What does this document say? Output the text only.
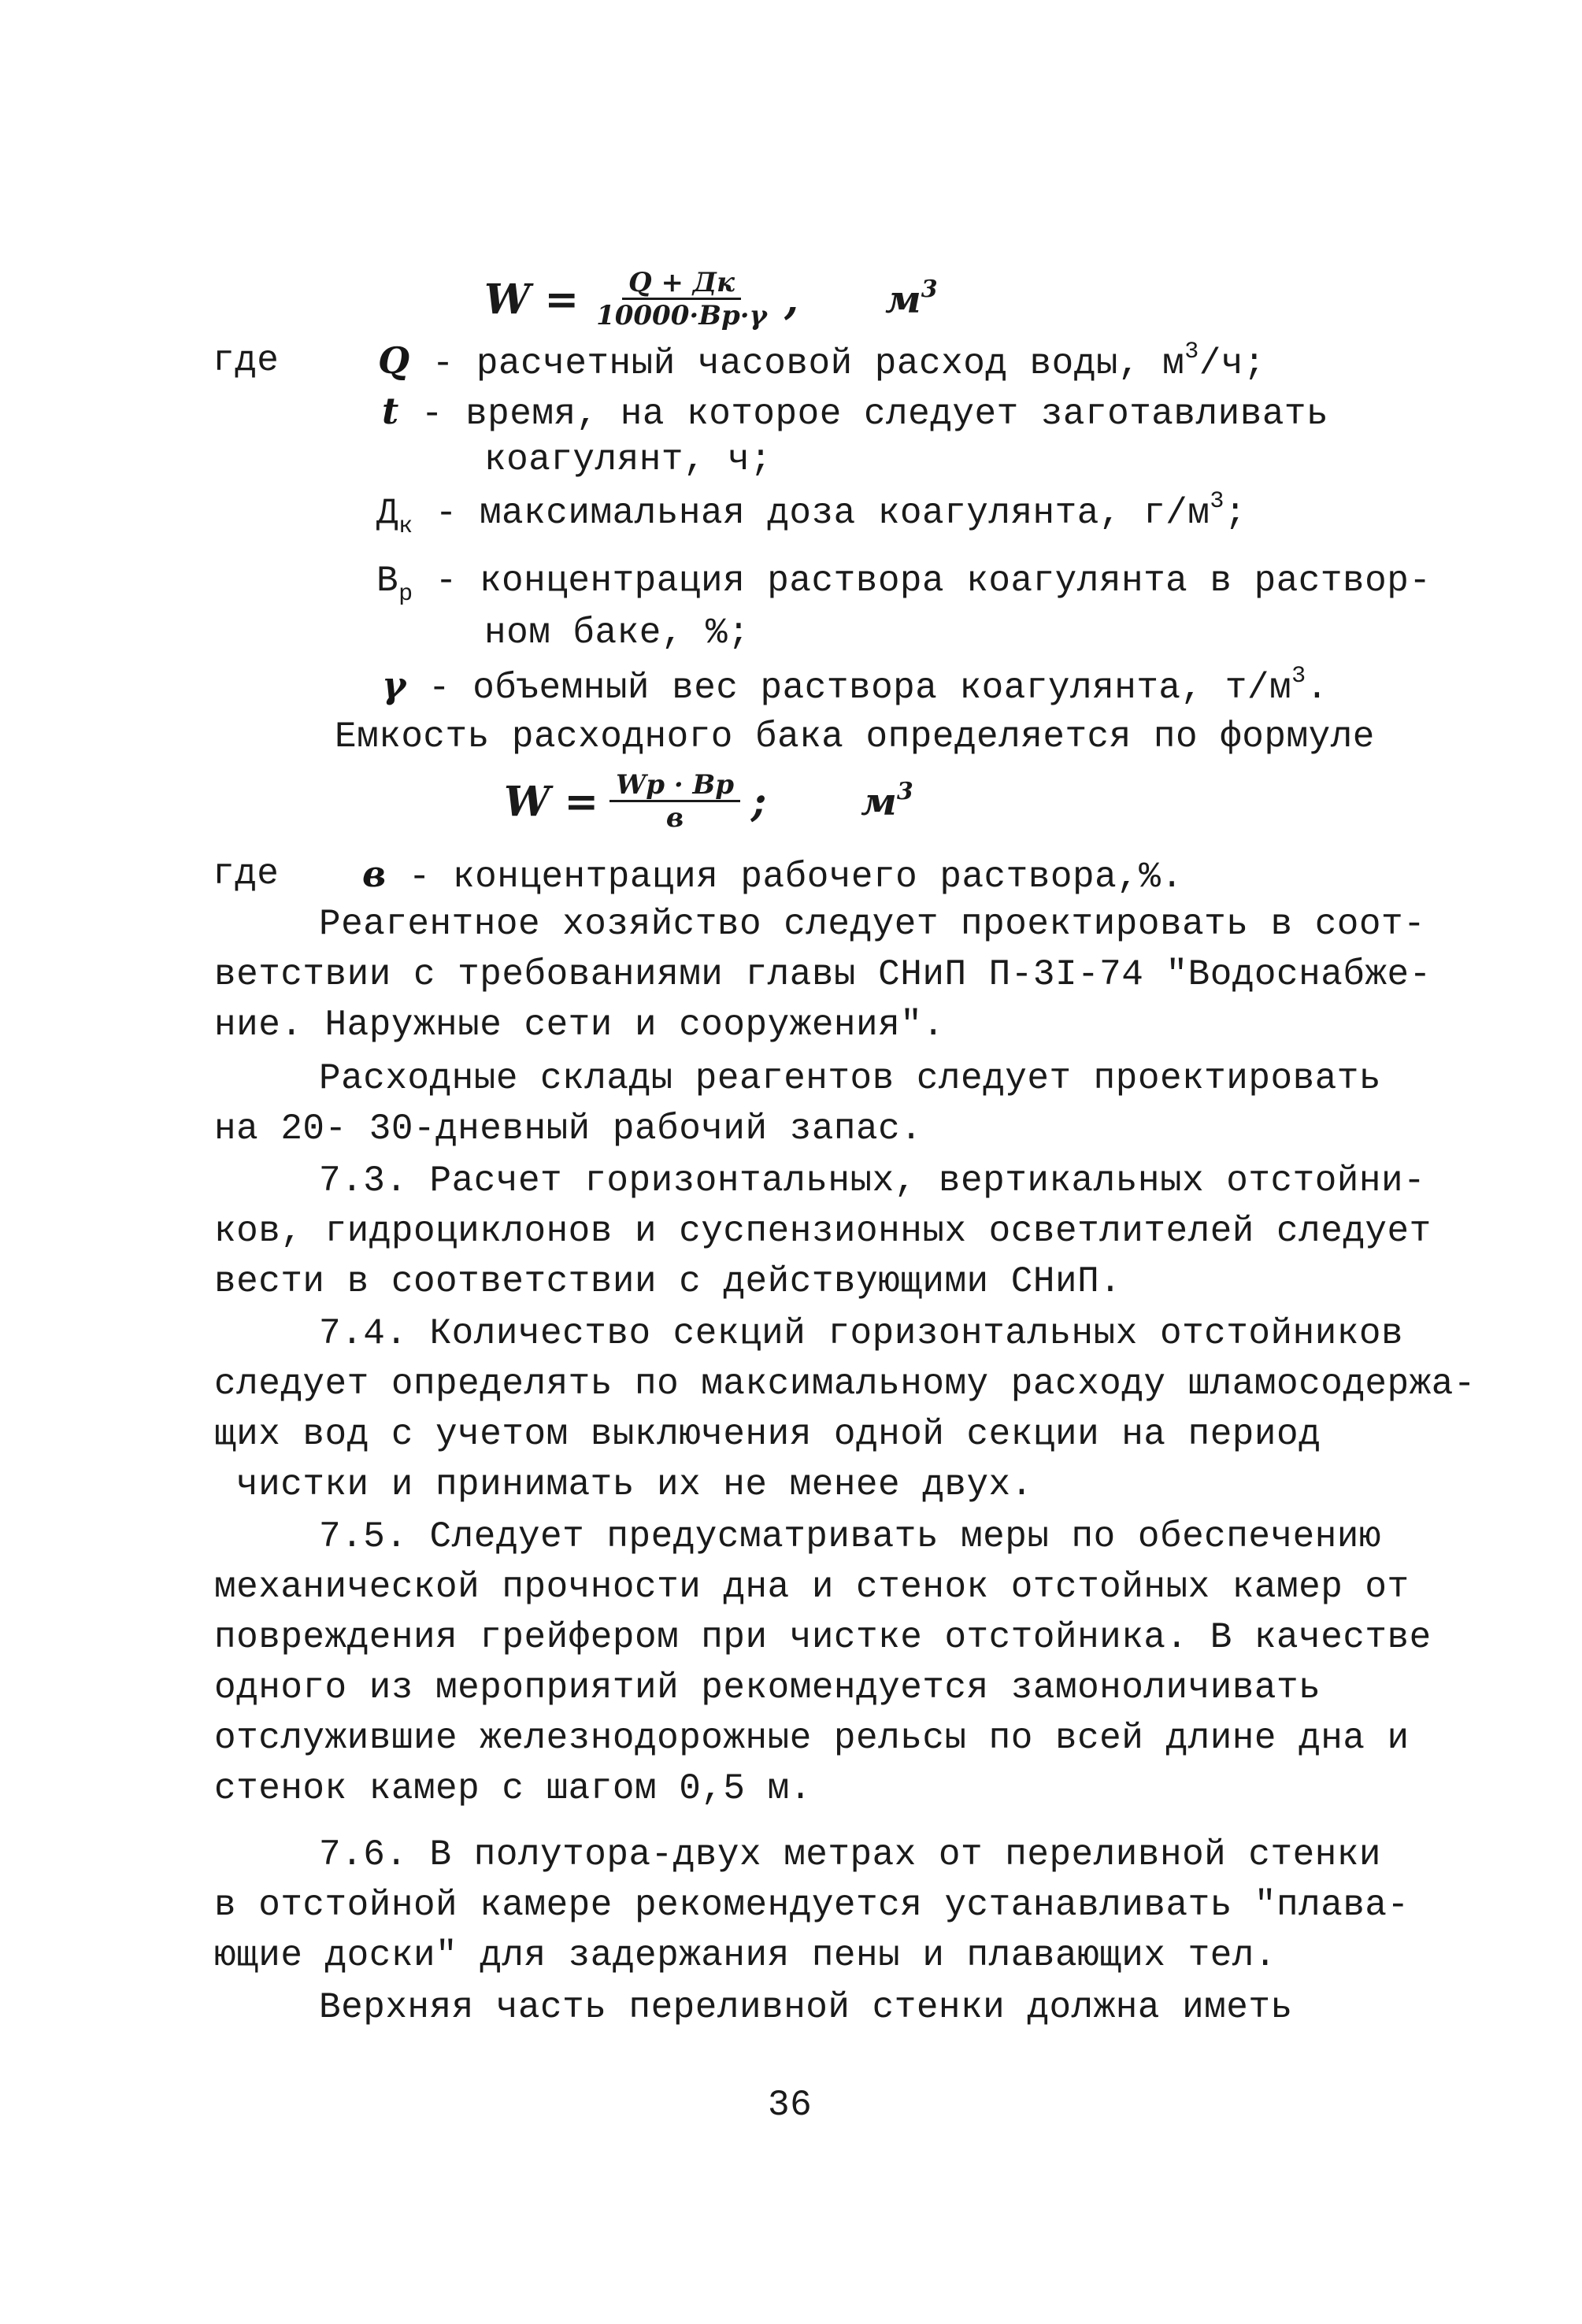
$W = \frac{Q + Дк}{10000\cdot Bp\cdot\gamma}$ , $м^3$
где	Q - расчетный часовой расход воды, $м^3/ч$;
t - время, на которое следует заготавливать
коагулянт, ч;
$Д_к$ - максимальная доза коагулянта, $г/м^3$;
$В_р$ - концентрация раствора коагулянта в раствор-
ном баке, %;
γ - объемный вес раствора коагулянта, $т/м^3$.
Емкость расходного бака определяется по формуле
$W = \frac{Wp \cdot Bp}{в}$ ;	$м^3$
где в - концентрация рабочего раствора,%.
Реагентное хозяйство следует проектировать в соот-
ветствии с требованиями главы СНиП П-3I-74 "Водоснабже-
ние. Наружные сети и сооружения".
Расходные склады реагентов следует проектировать
на 20- 30-дневный рабочий запас.
7.3. Расчет горизонтальных, вертикальных отстойни-
ков, гидроциклонов и суспензионных осветлителей следует
вести в соответствии с действующими СНиП.
7.4. Количество секций горизонтальных отстойников
следует определять по максимальному расходу шламосодержа-
щих вод с учетом выключения одной секции на период
чистки и принимать их не менее двух.
7.5. Следует предусматривать меры по обеспечению
механической прочности дна и стенок отстойных камер от
повреждения грейфером при чистке отстойника. В качестве
одного из мероприятий рекомендуется замоноличивать
отслужившие железнодорожные рельсы по всей длине дна и
стенок камер с шагом 0,5 м.
7.6. В полутора-двух метрах от переливной стенки
в отстойной камере рекомендуется устанавливать "плава-
ющие доски" для задержания пены и плавающих тел.
Верхняя часть переливной стенки должна иметь
36
